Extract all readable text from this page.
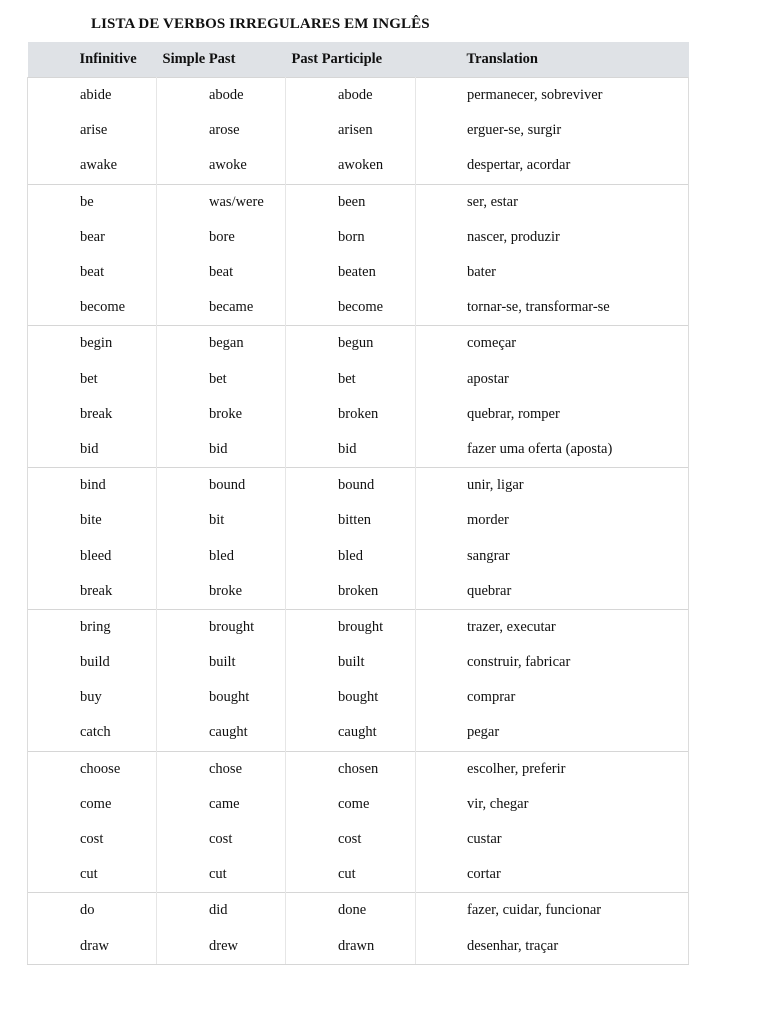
LISTA DE VERBOS IRREGULARES EM INGLÊS
Infinitive	Simple Past	Past Participle	Translation
abide	abode	abode	permanecer, sobreviver
arise	arose	arisen	erguer-se, surgir
awake	awoke	awoken	despertar, acordar
be	was/were	been	ser, estar
bear	bore	born	nascer, produzir
beat	beat	beaten	bater
become	became	become	tornar-se, transformar-se
begin	began	begun	começar
bet	bet	bet	apostar
break	broke	broken	quebrar, romper
bid	bid	bid	fazer uma oferta (aposta)
bind	bound	bound	unir, ligar
bite	bit	bitten	morder
bleed	bled	bled	sangrar
break	broke	broken	quebrar
bring	brought	brought	trazer, executar
build	built	built	construir, fabricar
buy	bought	bought	comprar
catch	caught	caught	pegar
choose	chose	chosen	escolher, preferir
come	came	come	vir, chegar
cost	cost	cost	custar
cut	cut	cut	cortar
do	did	done	fazer, cuidar, funcionar
draw	drew	drawn	desenhar, traçar
